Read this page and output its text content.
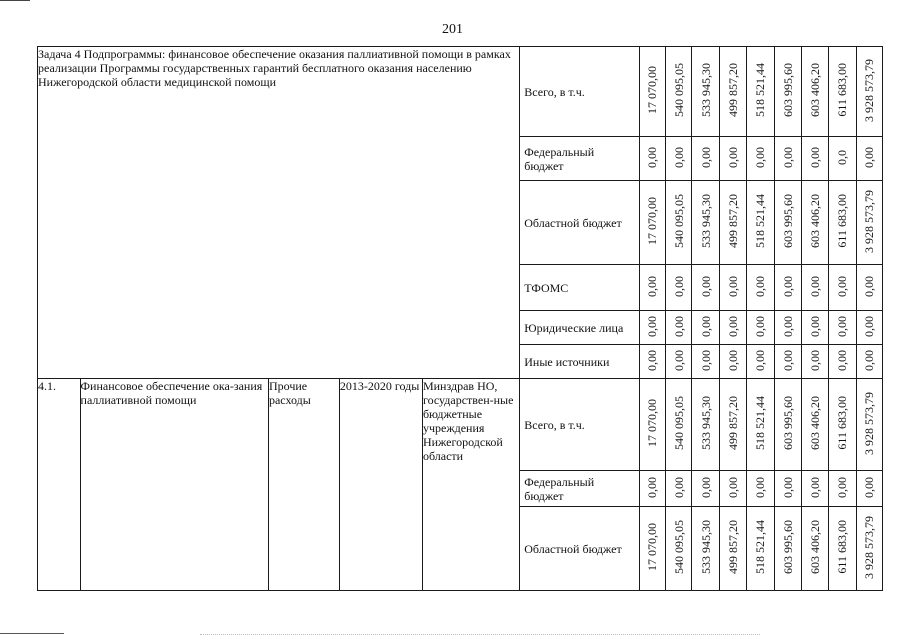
201
Задача 4 Подпрограммы: финансовое обеспечение оказания паллиативной помощи в рамках реализации Программы государственных гарантий бесплатного оказания населению Нижегородской области медицинской помощи					Всего, в т.ч.	17 070,00	540 095,05	533 945,30	499 857,20	518 521,44	603 995,60	603 406,20	611 683,00	3 928 573,79
					Федеральный бюджет	0,00	0,00	0,00	0,00	0,00	0,00	0,00	0,0	0,00
					Областной бюджет	17 070,00	540 095,05	533 945,30	499 857,20	518 521,44	603 995,60	603 406,20	611 683,00	3 928 573,79
					ТФОМС	0,00	0,00	0,00	0,00	0,00	0,00	0,00	0,00	0,00
					Юридические лица	0,00	0,00	0,00	0,00	0,00	0,00	0,00	0,00	0,00
					Иные источники	0,00	0,00	0,00	0,00	0,00	0,00	0,00	0,00	0,00
4.1.	Финансовое обеспечение ока-зания паллиативной помощи	Прочие расходы	2013-2020 годы	Минздрав НО, государствен-ные бюджетные учреждения Нижегородской области	Всего, в т.ч.	17 070,00	540 095,05	533 945,30	499 857,20	518 521,44	603 995,60	603 406,20	611 683,00	3 928 573,79
					Федеральный бюджет	0,00	0,00	0,00	0,00	0,00	0,00	0,00	0,00	0,00
					Областной бюджет	17 070,00	540 095,05	533 945,30	499 857,20	518 521,44	603 995,60	603 406,20	611 683,00	3 928 573,79
